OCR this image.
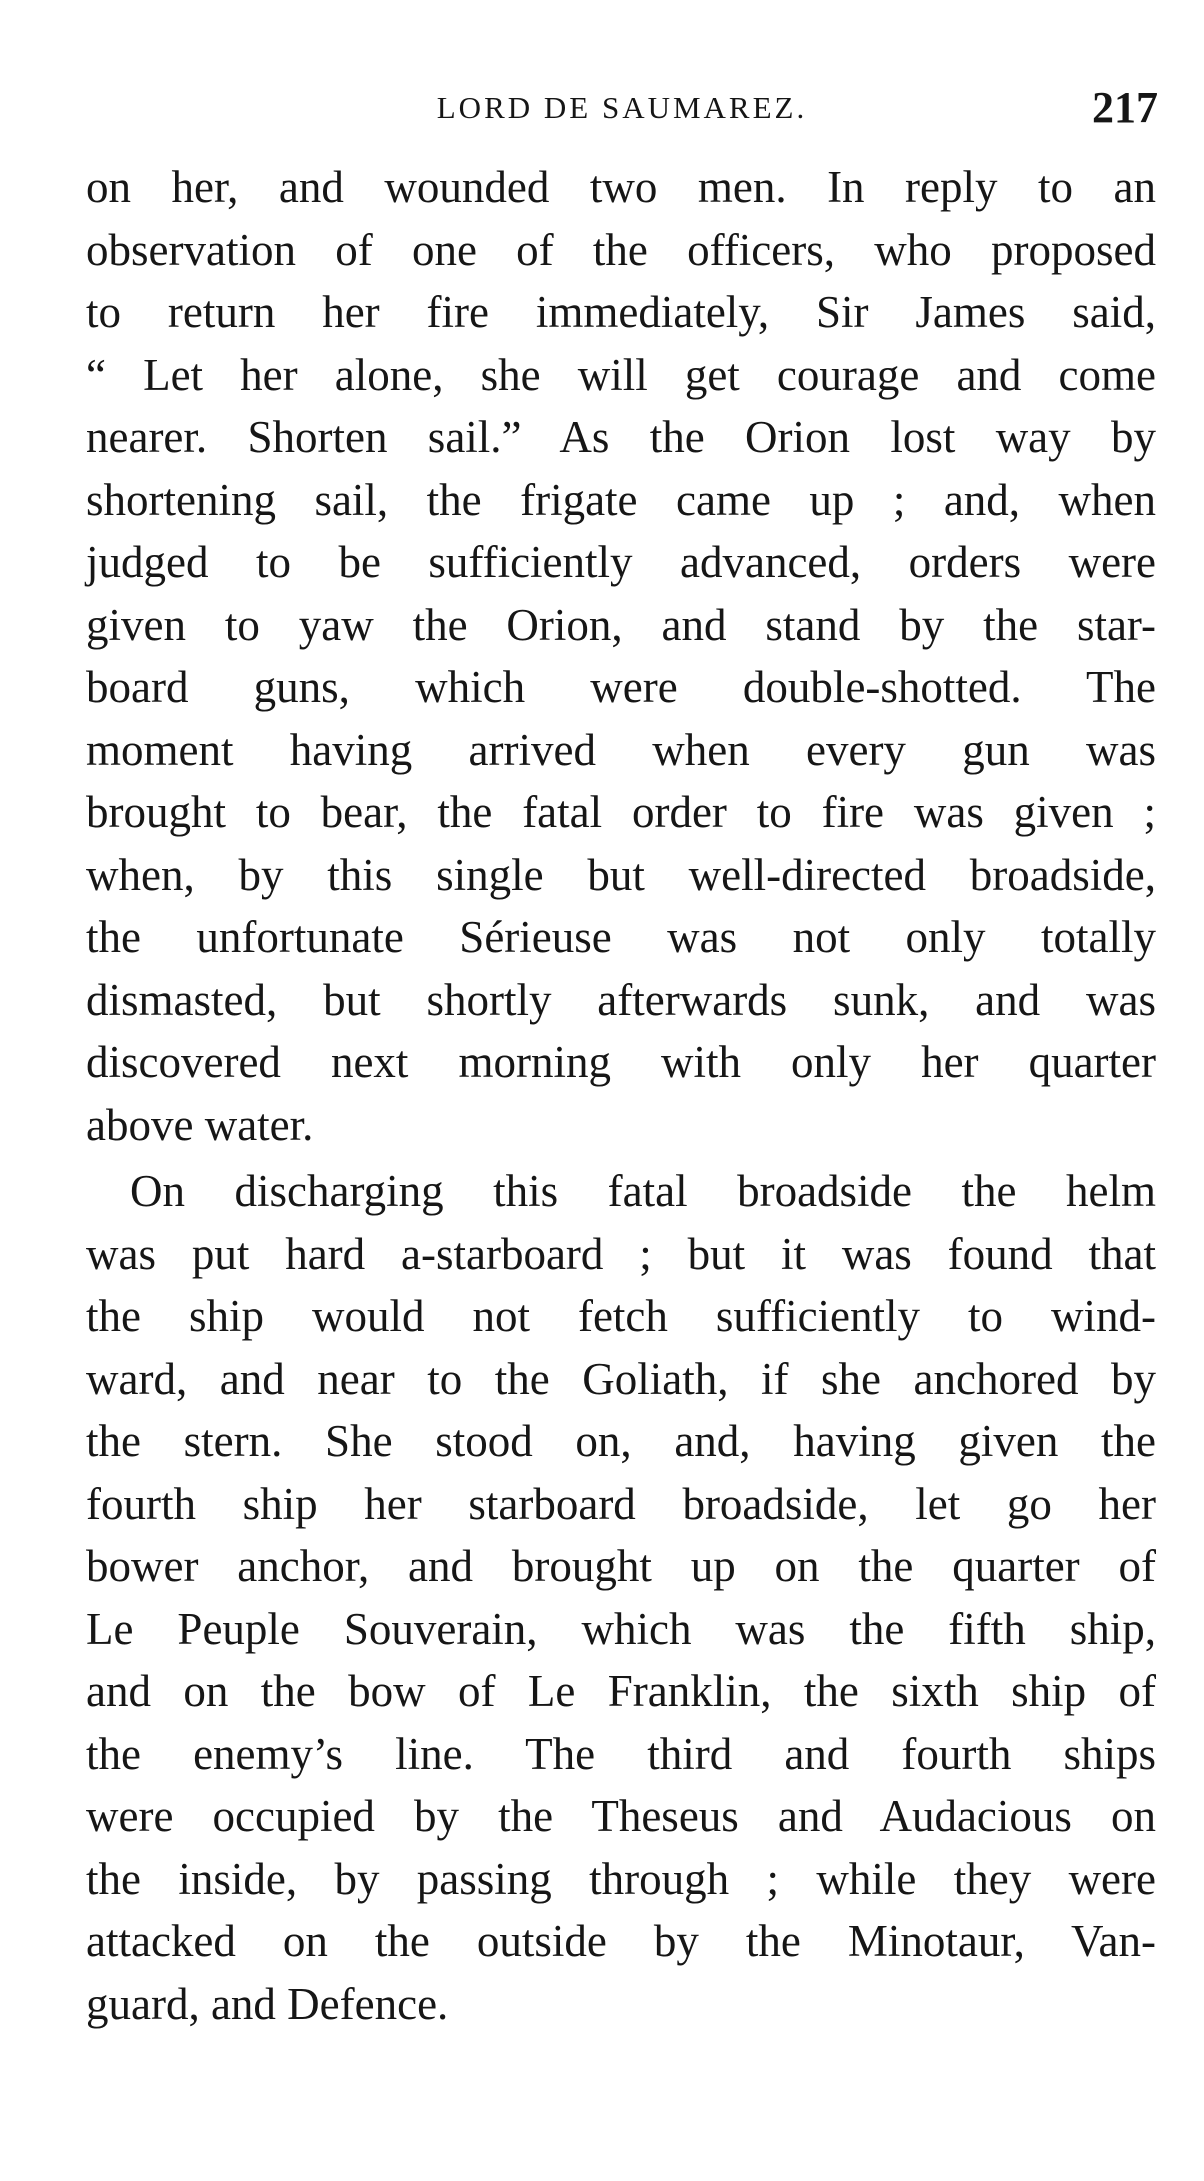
LORD DE SAUMAREZ.	217
on her, and wounded two men. In reply to an
observation of one of the officers, who proposed
to return her fire immediately, Sir James said,
“ Let her alone, she will get courage and come
nearer. Shorten sail.” As the Orion lost way by
shortening sail, the frigate came up ; and, when
judged to be sufficiently advanced, orders were
given to yaw the Orion, and stand by the star-
board guns, which were double-shotted. The
moment having arrived when every gun was
brought to bear, the fatal order to fire was given ;
when, by this single but well-directed broadside,
the unfortunate Sérieuse was not only totally
dismasted, but shortly afterwards sunk, and was
discovered next morning with only her quarter
above water.
On discharging this fatal broadside the helm
was put hard a-starboard ; but it was found that
the ship would not fetch sufficiently to wind-
ward, and near to the Goliath, if she anchored by
the stern. She stood on, and, having given the
fourth ship her starboard broadside, let go her
bower anchor, and brought up on the quarter of
Le Peuple Souverain, which was the fifth ship,
and on the bow of Le Franklin, the sixth ship of
the enemy’s line. The third and fourth ships
were occupied by the Theseus and Audacious on
the inside, by passing through ; while they were
attacked on the outside by the Minotaur, Van-
guard, and Defence.
